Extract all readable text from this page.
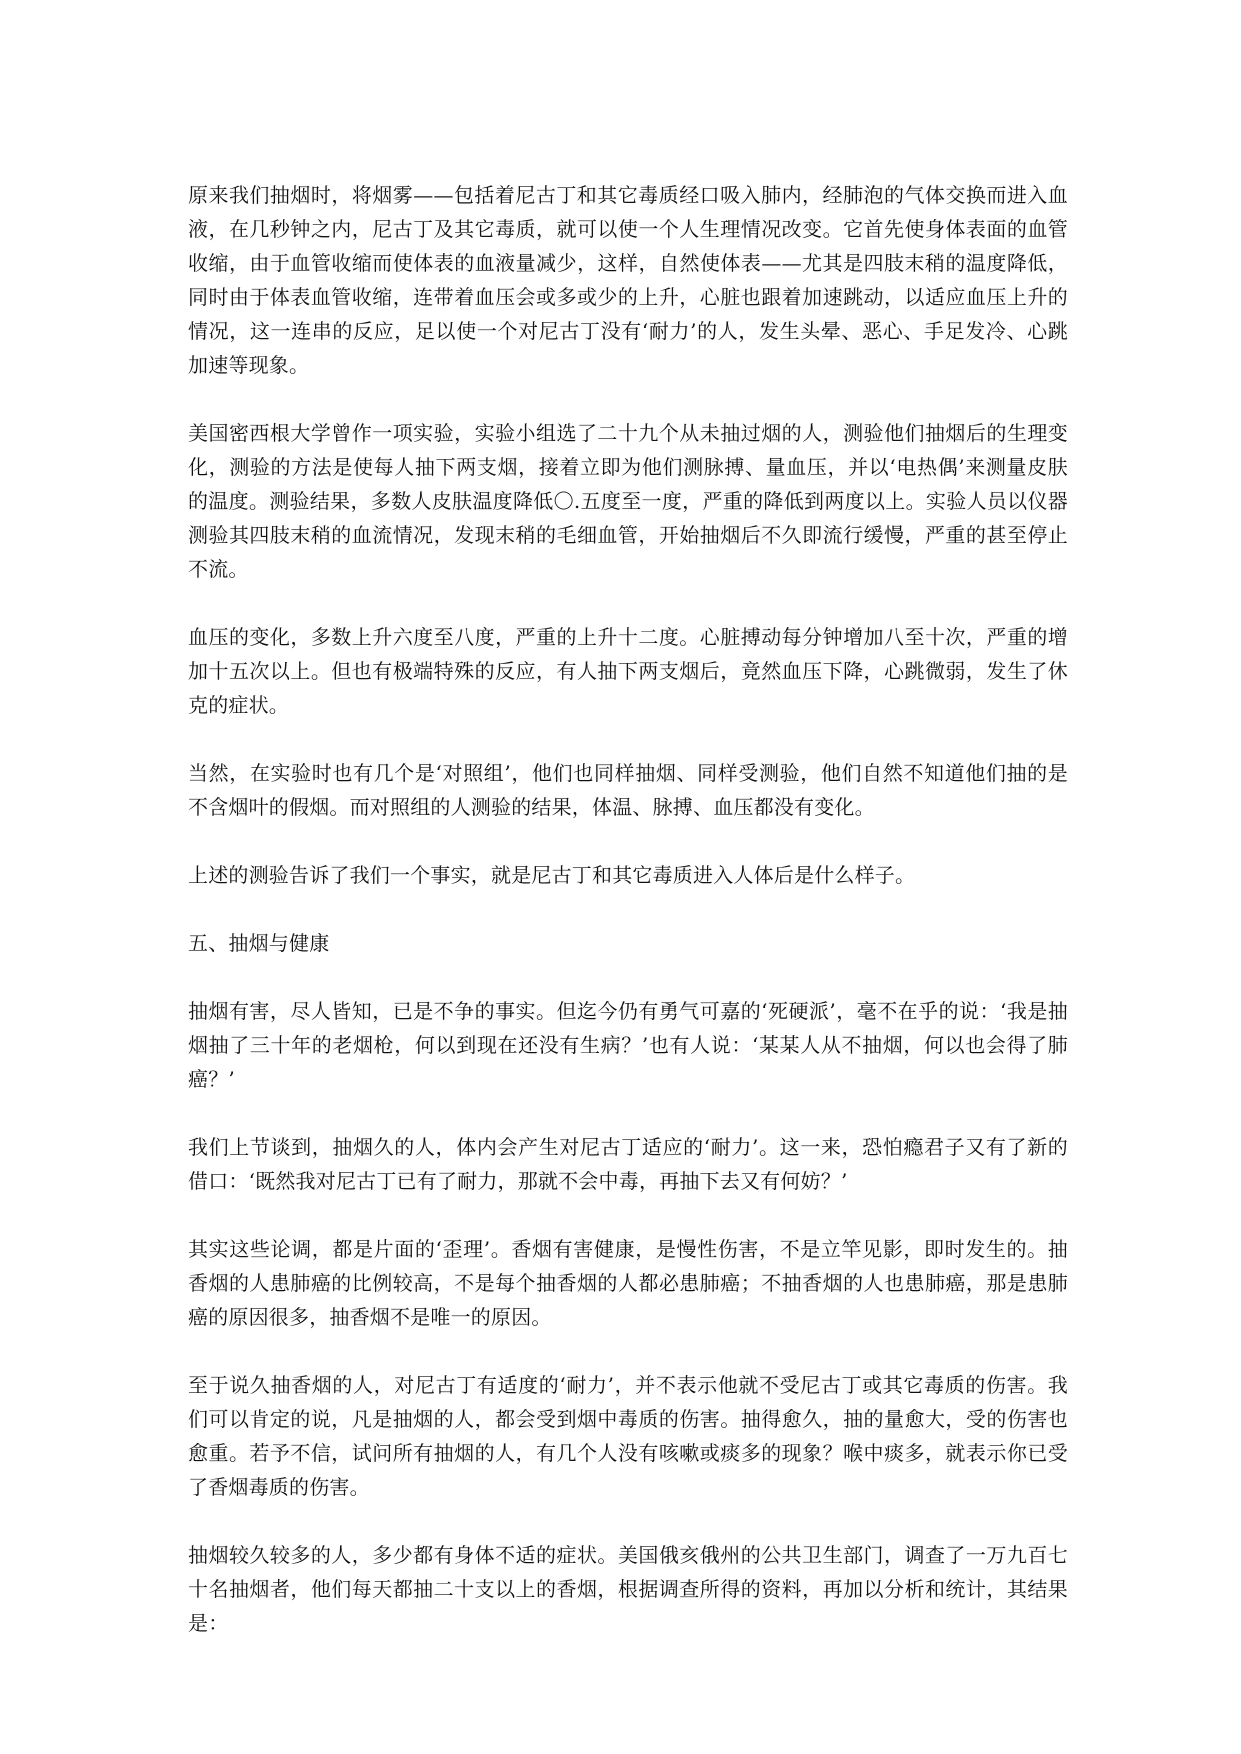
原来我们抽烟时，将烟雾——包括着尼古丁和其它毒质经口吸入肺内，经肺泡的气体交换而进入血液，在几秒钟之内，尼古丁及其它毒质，就可以使一个人生理情况改变。它首先使身体表面的血管收缩，由于血管收缩而使体表的血液量减少，这样，自然使体表——尤其是四肢末稍的温度降低，同时由于体表血管收缩，连带着血压会或多或少的上升，心脏也跟着加速跳动，以适应血压上升的情况，这一连串的反应，足以使一个对尼古丁没有‘耐力’的人，发生头晕、恶心、手足发冷、心跳加速等现象。

美国密西根大学曾作一项实验，实验小组选了二十九个从未抽过烟的人，测验他们抽烟后的生理变化，测验的方法是使每人抽下两支烟，接着立即为他们测脉搏、量血压，并以‘电热偶’来测量皮肤的温度。测验结果，多数人皮肤温度降低〇.五度至一度，严重的降低到两度以上。实验人员以仪器测验其四肢末稍的血流情况，发现末稍的毛细血管，开始抽烟后不久即流行缓慢，严重的甚至停止不流。

血压的变化，多数上升六度至八度，严重的上升十二度。心脏搏动每分钟增加八至十次，严重的增加十五次以上。但也有极端特殊的反应，有人抽下两支烟后，竟然血压下降，心跳微弱，发生了休克的症状。

当然，在实验时也有几个是‘对照组’，他们也同样抽烟、同样受测验，他们自然不知道他们抽的是不含烟叶的假烟。而对照组的人测验的结果，体温、脉搏、血压都没有变化。

上述的测验告诉了我们一个事实，就是尼古丁和其它毒质进入人体后是什么样子。

五、抽烟与健康

抽烟有害，尽人皆知，已是不争的事实。但迄今仍有勇气可嘉的‘死硬派’，毫不在乎的说：‘我是抽烟抽了三十年的老烟枪，何以到现在还没有生病？’也有人说：‘某某人从不抽烟，何以也会得了肺癌？’

我们上节谈到，抽烟久的人，体内会产生对尼古丁适应的‘耐力’。这一来，恐怕瘾君子又有了新的借口：‘既然我对尼古丁已有了耐力，那就不会中毒，再抽下去又有何妨？’

其实这些论调，都是片面的‘歪理’。香烟有害健康，是慢性伤害，不是立竿见影，即时发生的。抽香烟的人患肺癌的比例较高，不是每个抽香烟的人都必患肺癌；不抽香烟的人也患肺癌，那是患肺癌的原因很多，抽香烟不是唯一的原因。

至于说久抽香烟的人，对尼古丁有适度的‘耐力’，并不表示他就不受尼古丁或其它毒质的伤害。我们可以肯定的说，凡是抽烟的人，都会受到烟中毒质的伤害。抽得愈久，抽的量愈大，受的伤害也愈重。若予不信，试问所有抽烟的人，有几个人没有咳嗽或痰多的现象？喉中痰多，就表示你已受了香烟毒质的伤害。

抽烟较久较多的人，多少都有身体不适的症状。美国俄亥俄州的公共卫生部门，调查了一万九百七十名抽烟者，他们每天都抽二十支以上的香烟，根据调查所得的资料，再加以分析和统计，其结果是：
